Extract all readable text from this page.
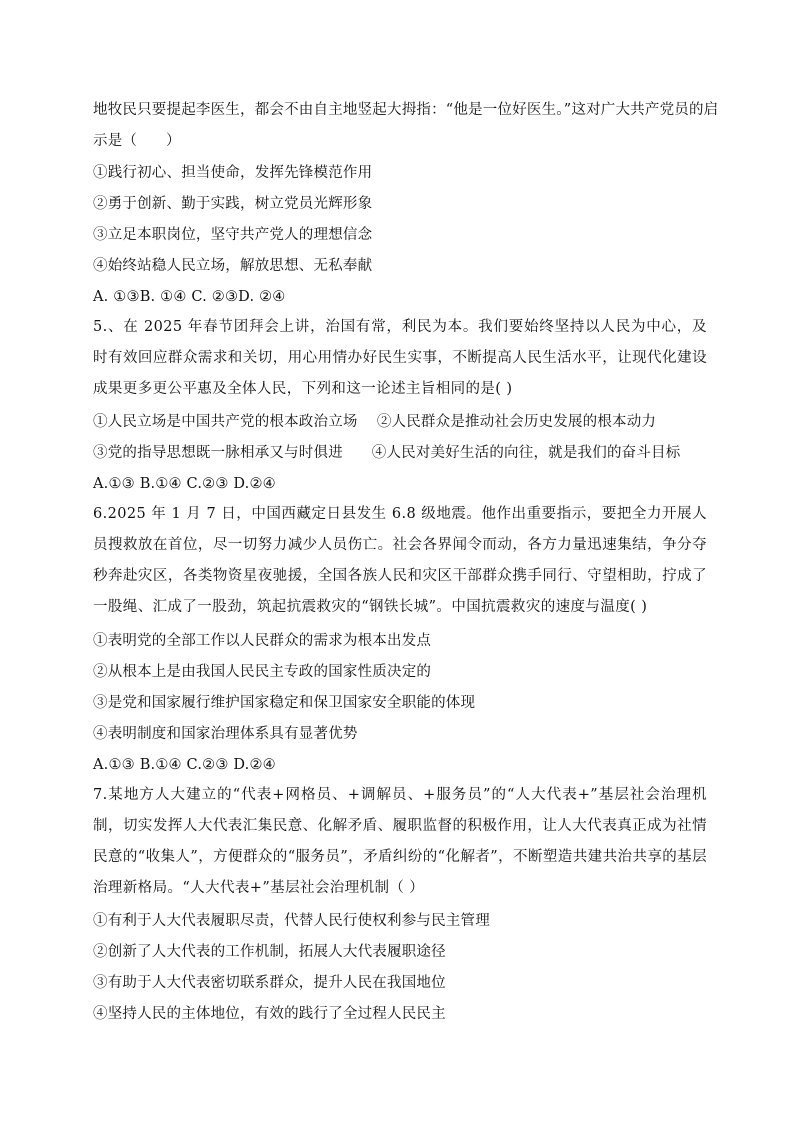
地牧民只要提起李医生，都会不由自主地竖起大拇指：“他是一位好医生。”这对广大共产党员的启
示是（      ）
①践行初心、担当使命，发挥先锋模范作用
②勇于创新、勤于实践，树立党员光辉形象
③立足本职岗位，坚守共产党人的理想信念
④始终站稳人民立场，解放思想、无私奉献
A. ①③B. ①④ C. ②③D. ②④
5.、在 2025 年春节团拜会上讲，治国有常，利民为本。我们要始终坚持以人民为中心，及时有效回应群众需求和关切，用心用情办好民生实事，不断提高人民生活水平，让现代化建设成果更多更公平惠及全体人民，下列和这一论述主旨相同的是( )
①人民立场是中国共产党的根本政治立场    ②人民群众是推动社会历史发展的根本动力
③党的指导思想既一脉相承又与时俱进      ④人民对美好生活的向往，就是我们的奋斗目标
A.①③ B.①④ C.②③ D.②④
6.2025 年 1 月 7 日，中国西藏定日县发生 6.8 级地震。他作出重要指示，要把全力开展人员搜救放在首位，尽一切努力减少人员伤亡。社会各界闻令而动，各方力量迅速集结，争分夺秒奔赴灾区，各类物资星夜驰援，全国各族人民和灾区干部群众携手同行、守望相助，拧成了一股绳、汇成了一股劲，筑起抗震救灾的“钢铁长城”。中国抗震救灾的速度与温度( )
①表明党的全部工作以人民群众的需求为根本出发点
②从根本上是由我国人民民主专政的国家性质决定的
③是党和国家履行维护国家稳定和保卫国家安全职能的体现
④表明制度和国家治理体系具有显著优势
A.①③ B.①④ C.②③ D.②④
7.某地方人大建立的“代表+网格员、+调解员、+服务员”的“人大代表+”基层社会治理机制，切实发挥人大代表汇集民意、化解矛盾、履职监督的积极作用，让人大代表真正成为社情民意的“收集人”，方便群众的“服务员”，矛盾纠纷的“化解者”，不断塑造共建共治共享的基层治理新格局。“人大代表+”基层社会治理机制（ ）
①有利于人大代表履职尽责，代替人民行使权利参与民主管理
②创新了人大代表的工作机制，拓展人大代表履职途径
③有助于人大代表密切联系群众，提升人民在我国地位
④坚持人民的主体地位，有效的践行了全过程人民民主
